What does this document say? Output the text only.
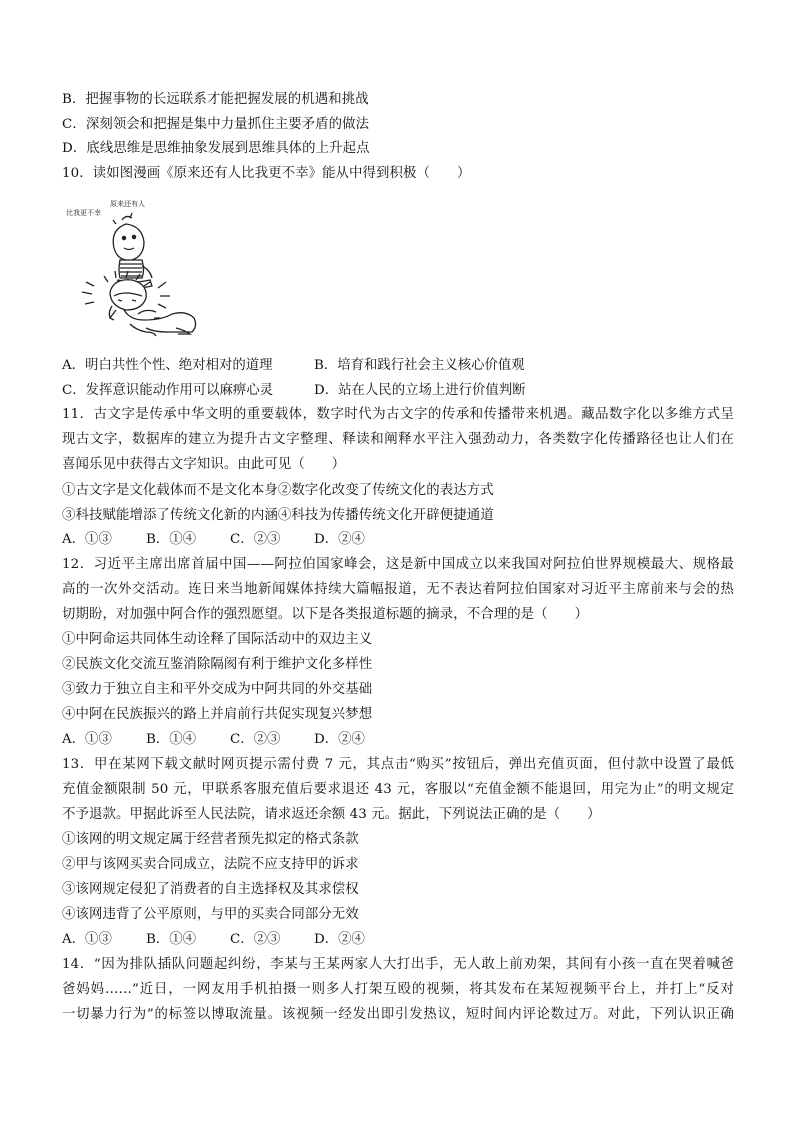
B．把握事物的长远联系才能把握发展的机遇和挑战
C．深刻领会和把握是集中力量抓住主要矛盾的做法
D．底线思维是思维抽象发展到思维具体的上升起点
10．读如图漫画《原来还有人比我更不幸》能从中得到积极（　　）
原来还有人
比我更不幸
A．明白共性个性、绝对相对的道理	B．培育和践行社会主义核心价值观
C．发挥意识能动作用可以麻痹心灵	D．站在人民的立场上进行价值判断
11．古文字是传承中华文明的重要载体，数字时代为古文字的传承和传播带来机遇。藏品数字化以多维方式呈
现古文字，数据库的建立为提升古文字整理、释读和阐释水平注入强劲动力，各类数字化传播路径也让人们在
喜闻乐见中获得古文字知识。由此可见（　　）
①古文字是文化载体而不是文化本身②数字化改变了传统文化的表达方式
③科技赋能增添了传统文化新的内涵④科技为传播传统文化开辟便捷通道
A．①③	B．①④	C．②③	D．②④
12．习近平主席出席首届中国——阿拉伯国家峰会，这是新中国成立以来我国对阿拉伯世界规模最大、规格最
高的一次外交活动。连日来当地新闻媒体持续大篇幅报道，无不表达着阿拉伯国家对习近平主席前来与会的热
切期盼，对加强中阿合作的强烈愿望。以下是各类报道标题的摘录，不合理的是（　　）
①中阿命运共同体生动诠释了国际活动中的双边主义
②民族文化交流互鉴消除隔阂有利于维护文化多样性
③致力于独立自主和平外交成为中阿共同的外交基础
④中阿在民族振兴的路上并肩前行共促实现复兴梦想
A．①③	B．①④	C．②③	D．②④
13．甲在某网下载文献时网页提示需付费 7 元，其点击“购买”按钮后，弹出充值页面，但付款中设置了最低
充值金额限制 50 元，甲联系客服充值后要求退还 43 元，客服以“充值金额不能退回，用完为止”的明文规定
不予退款。甲据此诉至人民法院，请求返还余额 43 元。据此，下列说法正确的是（　　）
①该网的明文规定属于经营者预先拟定的格式条款
②甲与该网买卖合同成立，法院不应支持甲的诉求
③该网规定侵犯了消费者的自主选择权及其求偿权
④该网违背了公平原则，与甲的买卖合同部分无效
A．①③	B．①④	C．②③	D．②④
14．“因为排队插队问题起纠纷，李某与王某两家人大打出手，无人敢上前劝架，其间有小孩一直在哭着喊爸
爸妈妈……”近日，一网友用手机拍摄一则多人打架互殴的视频，将其发布在某短视频平台上，并打上“反对
一切暴力行为”的标签以博取流量。该视频一经发出即引发热议，短时间内评论数过万。对此，下列认识正确
